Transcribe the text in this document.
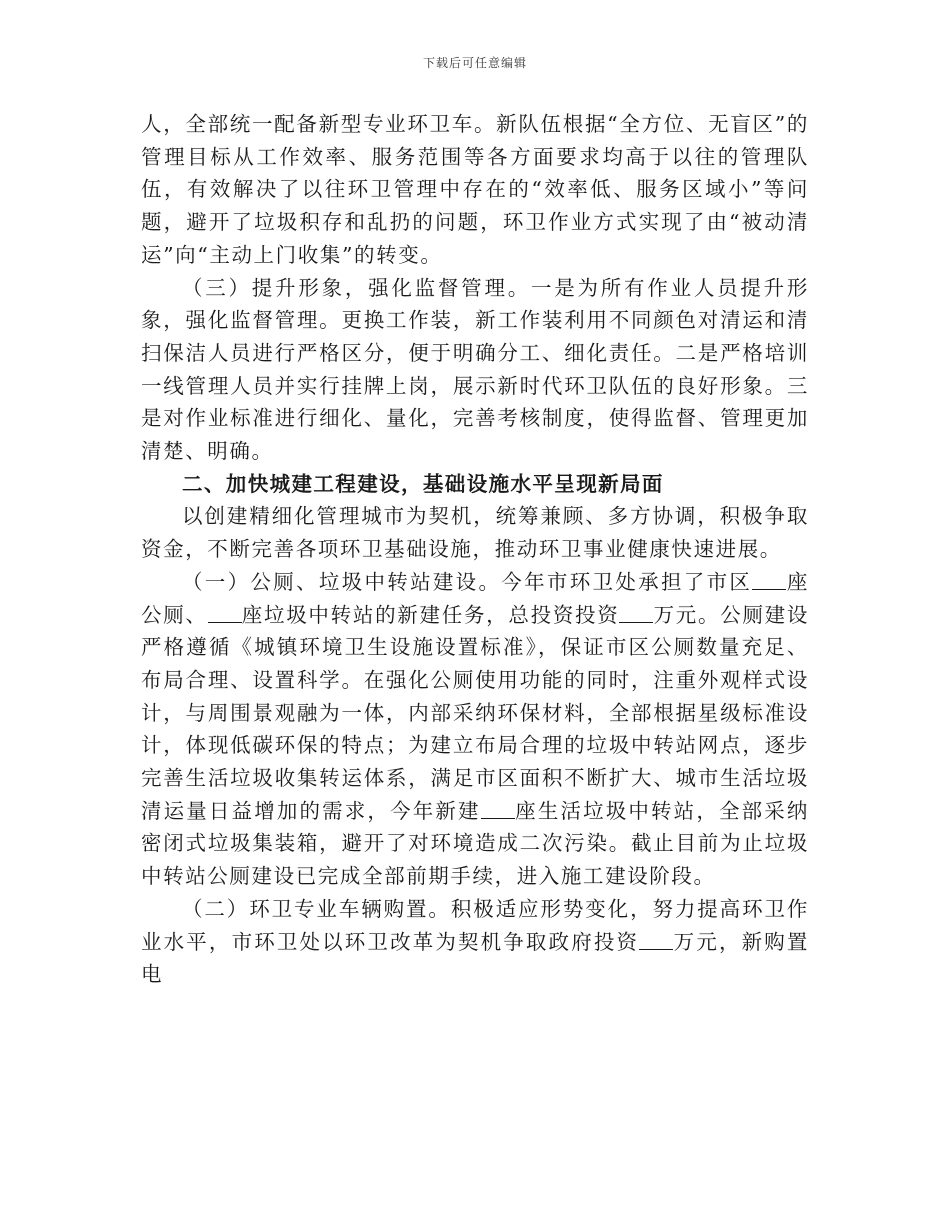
下载后可任意编辑

人，全部统一配备新型专业环卫车。新队伍根据“全方位、无盲区”的管理目标从工作效率、服务范围等各方面要求均高于以往的管理队伍，有效解决了以往环卫管理中存在的“效率低、服务区域小”等问题，避开了垃圾积存和乱扔的问题，环卫作业方式实现了由“被动清运”向“主动上门收集”的转变。

（三）提升形象，强化监督管理。一是为所有作业人员提升形象，强化监督管理。更换工作装，新工作装利用不同颜色对清运和清扫保洁人员进行严格区分，便于明确分工、细化责任。二是严格培训一线管理人员并实行挂牌上岗，展示新时代环卫队伍的良好形象。三是对作业标准进行细化、量化，完善考核制度，使得监督、管理更加清楚、明确。

二、加快城建工程建设，基础设施水平呈现新局面

以创建精细化管理城市为契机，统筹兼顾、多方协调，积极争取资金，不断完善各项环卫基础设施，推动环卫事业健康快速进展。

（一）公厕、垃圾中转站建设。今年市环卫处承担了市区 座公厕、 座垃圾中转站的新建任务，总投资投资 万元。公厕建设严格遵循《城镇环境卫生设施设置标准》，保证市区公厕数量充足、布局合理、设置科学。在强化公厕使用功能的同时，注重外观样式设计，与周围景观融为一体，内部采纳环保材料，全部根据星级标准设计，体现低碳环保的特点；为建立布局合理的垃圾中转站网点，逐步完善生活垃圾收集转运体系，满足市区面积不断扩大、城市生活垃圾清运量日益增加的需求，今年新建 座生活垃圾中转站，全部采纳密闭式垃圾集装箱，避开了对环境造成二次污染。截止目前为止垃圾中转站公厕建设已完成全部前期手续，进入施工建设阶段。

（二）环卫专业车辆购置。积极适应形势变化，努力提高环卫作业水平，市环卫处以环卫改革为契机争取政府投资 万元，新购置电
